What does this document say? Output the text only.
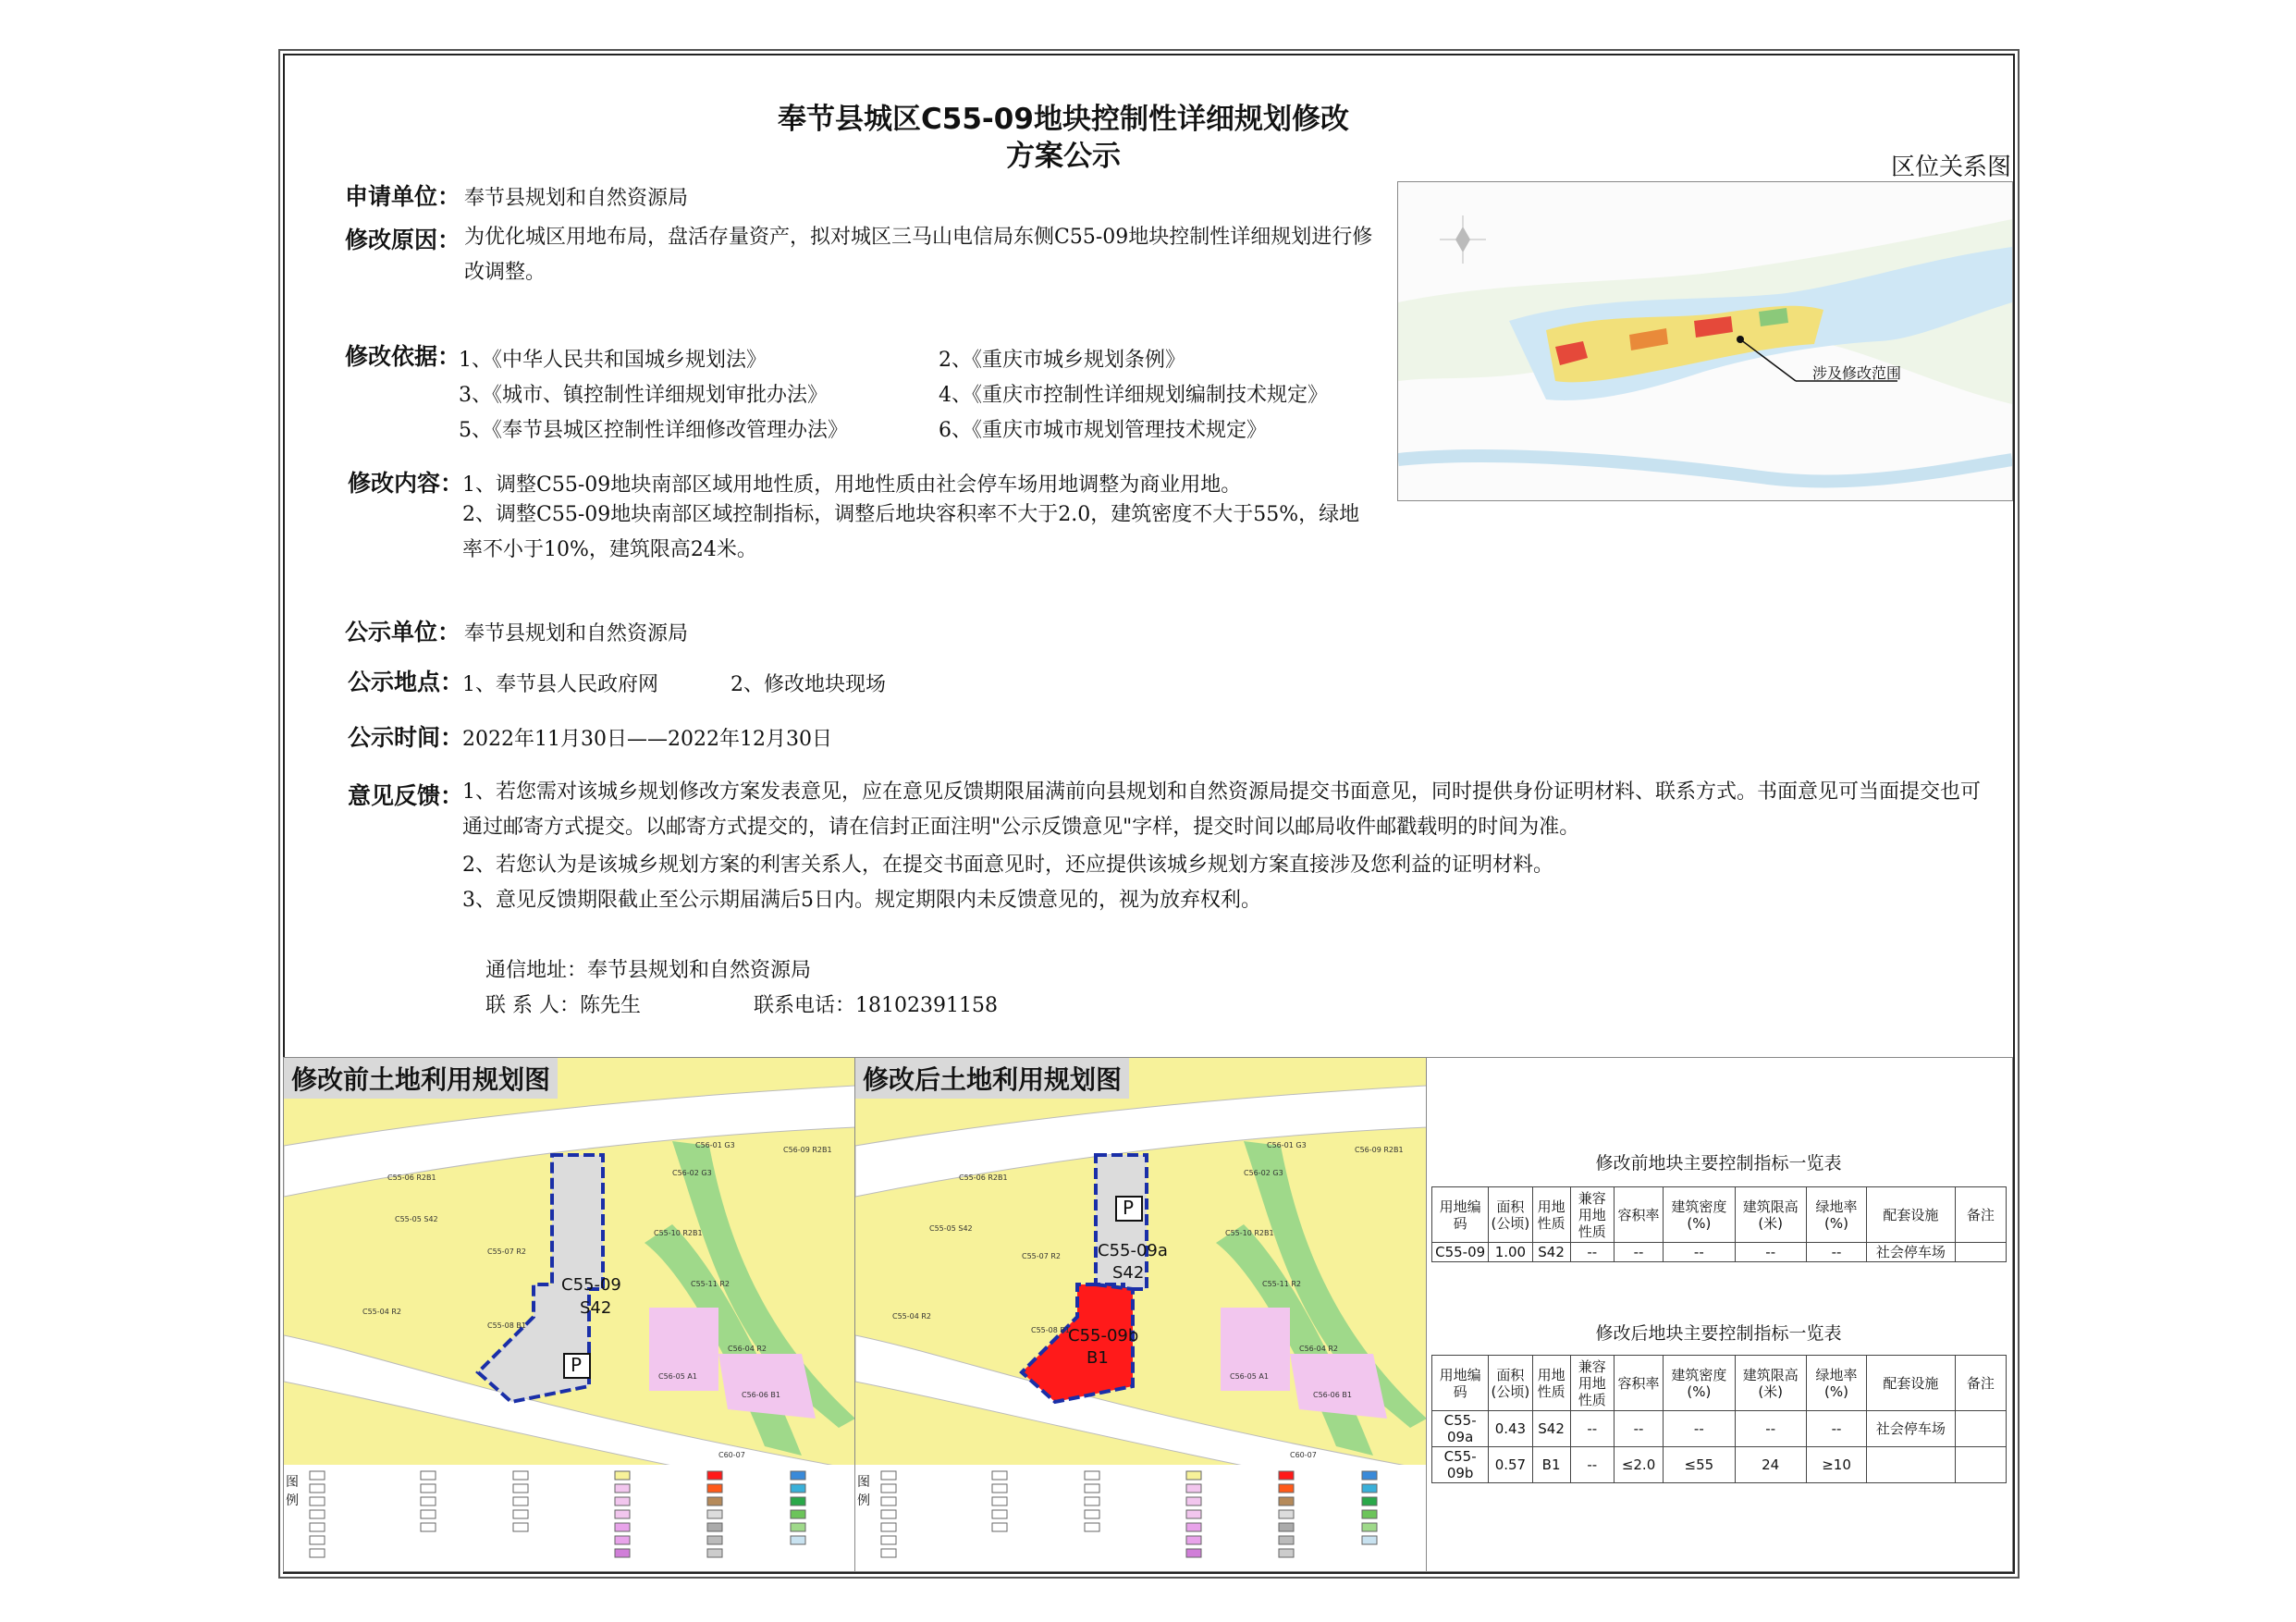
奉节县城区C55-09地块控制性详细规划修改
方案公示
申请单位： 奉节县规划和自然资源局
修改原因： 为优化城区用地布局，盘活存量资产，拟对城区三马山电信局东侧C55-09地块控制性详细规划进行修改调整。
修改依据：
1、《中华人民共和国城乡规划法》	2、《重庆市城乡规划条例》
3、《城市、镇控制性详细规划审批办法》	4、《重庆市控制性详细规划编制技术规定》
5、《奉节县城区控制性详细修改管理办法》	6、《重庆市城市规划管理技术规定》
修改内容：
1、调整C55-09地块南部区域用地性质，用地性质由社会停车场用地调整为商业用地。
2、调整C55-09地块南部区域控制指标，调整后地块容积率不大于2.0，建筑密度不大于55%，绿地率不小于10%，建筑限高24米。
公示单位： 奉节县规划和自然资源局
公示地点：
1、奉节县人民政府网	2、修改地块现场
公示时间：
2022年11月30日——2022年12月30日
意见反馈：
1、若您需对该城乡规划修改方案发表意见，应在意见反馈期限届满前向县规划和自然资源局提交书面意见，同时提供身份证明材料、联系方式。书面意见可当面提交也可通过邮寄方式提交。以邮寄方式提交的，请在信封正面注明"公示反馈意见"字样，提交时间以邮局收件邮戳载明的时间为准。
2、若您认为是该城乡规划方案的利害关系人，在提交书面意见时，还应提供该城乡规划方案直接涉及您利益的证明材料。
3、意见反馈期限截止至公示期届满后5日内。规定期限内未反馈意见的，视为放弃权利。
通信地址：奉节县规划和自然资源局
联 系 人：陈先生	联系电话：18102391158
区位关系图
涉及修改范围
修改前土地利用规划图
C55-09
S42
P
C55-06 R2B1
C55-05 S42
C55-07 R2
C55-04 R2
C55-10 R2B1
C55-11 R2
C55-08 B1
C56-04 R2
C56-05 A1
C56-06 B1
C60-07
C56-01 G3
C56-02 G3
C56-09 R2B1
图 例
修改后土地利用规划图
C55-09a
S42
P
C55-09b
B1
C55-06 R2B1
C55-05 S42
C55-07 R2
C55-04 R2
C55-10 R2B1
C55-11 R2
C55-08 B1
C56-04 R2
C56-05 A1
C56-06 B1
C60-07
C56-01 G3
C56-02 G3
C56-09 R2B1
图 例
修改前地块主要控制指标一览表
用地编码	面积(公顷)	用地性质	兼容用地性质	容积率	建筑密度(%)	建筑限高(米)	绿地率(%)	配套设施	备注
C55-09	1.00	S42	--	--	--	--	--	社会停车场	
修改后地块主要控制指标一览表
用地编码	面积(公顷)	用地性质	兼容用地性质	容积率	建筑密度(%)	建筑限高(米)	绿地率(%)	配套设施	备注
C55-09a	0.43	S42	--	--	--	--	--	社会停车场	
C55-09b	0.57	B1	--	≤2.0	≤55	24	≥10		
